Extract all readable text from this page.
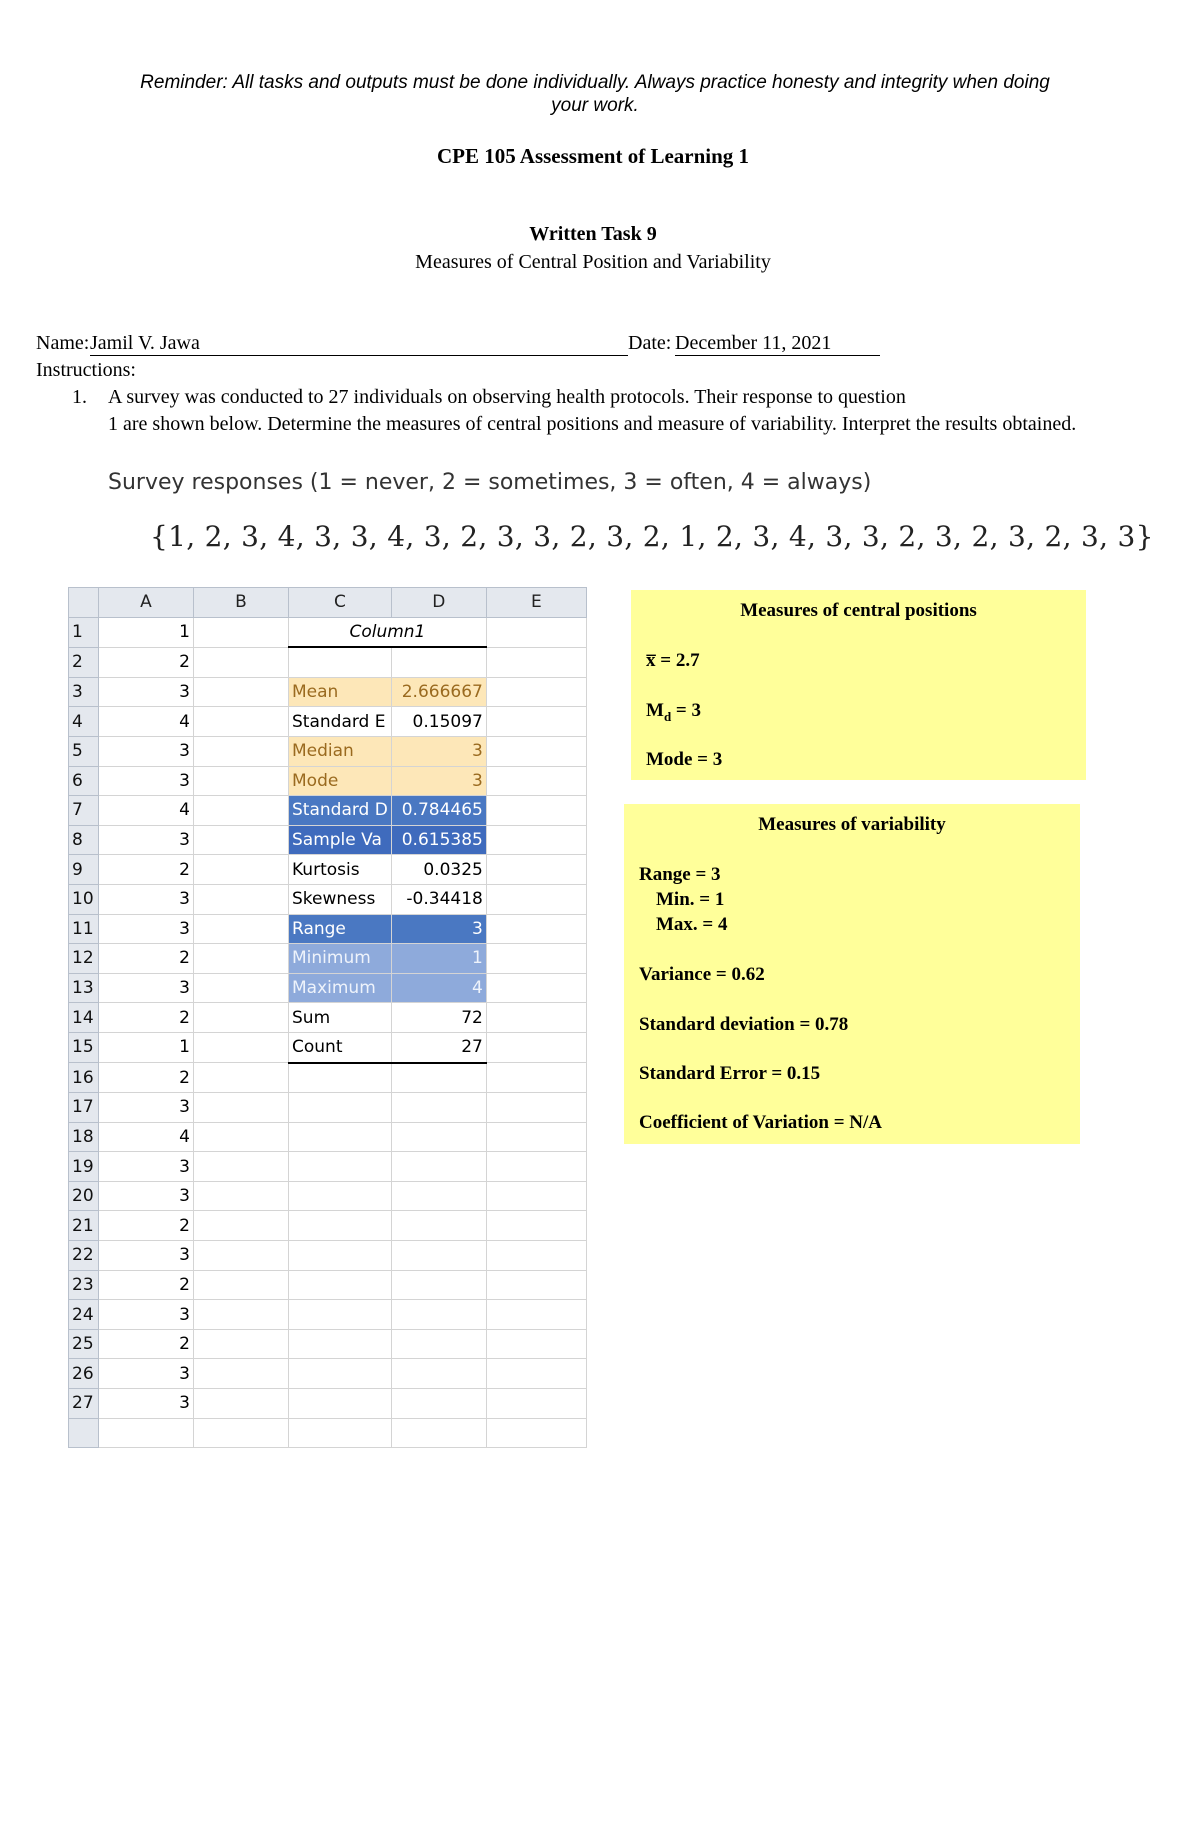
Reminder: All tasks and outputs must be done individually. Always practice honesty and integrity when doing
your work.
CPE 105 Assessment of Learning 1
Written Task 9
Measures of Central Position and Variability
Name: Jamil V. Jawa	Date: December 11, 2021
Instructions:
1. A survey was conducted to 27 individuals on observing health protocols. Their response to question
1 are shown below. Determine the measures of central positions and measure of variability. Interpret the results obtained.
Survey responses (1 = never, 2 = sometimes, 3 = often, 4 = always)
{1, 2, 3, 4, 3, 3, 4, 3, 2, 3, 3, 2, 3, 2, 1, 2, 3, 4, 3, 3, 2, 3, 2, 3, 2, 3, 3}
	A	B	C	D	E
1	1		Column1		
2	2				
3	3		Mean	2.666667	
4	4		Standard E	0.15097	
5	3		Median	3	
6	3		Mode	3	
7	4		Standard D	0.784465	
8	3		Sample Va	0.615385	
9	2		Kurtosis	0.0325	
10	3		Skewness	-0.34418	
11	3		Range	3	
12	2		Minimum	1	
13	3		Maximum	4	
14	2		Sum	72	
15	1		Count	27	
16	2				
17	3				
18	4				
19	3				
20	3				
21	2				
22	3				
23	2				
24	3				
25	2				
26	3				
27	3				

Measures of central positions
x̅ = 2.7
$M_d = 3$
Mode = 3
Measures of variability
Range = 3
Min. = 1
Max. = 4
Variance = 0.62
Standard deviation = 0.78
Standard Error = 0.15
Coefficient of Variation = N/A
